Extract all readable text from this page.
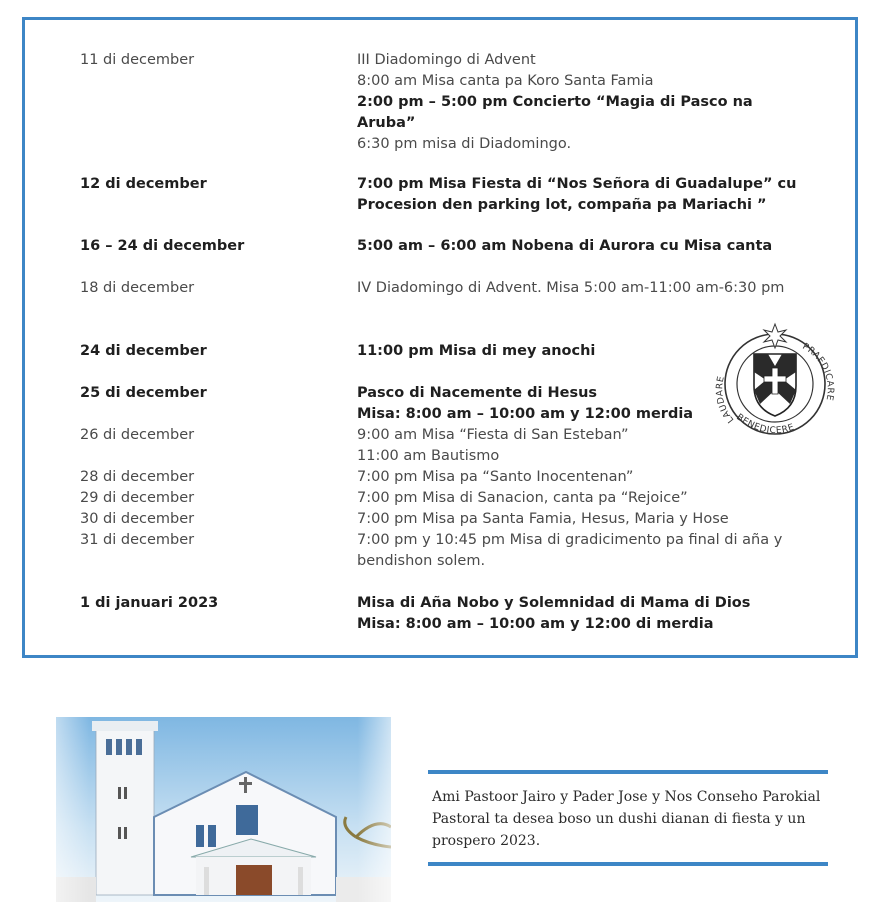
11 di december	III Diadomingo di Advent
8:00 am Misa canta pa Koro Santa Famia
2:00 pm – 5:00 pm Concierto “Magia di Pasco na Aruba”
6:30 pm misa di Diadomingo.
12 di december	7:00 pm Misa Fiesta di “Nos Señora di Guadalupe” cu Procesion den parking lot, compaña pa Mariachi ”
16 – 24 di december	5:00 am – 6:00 am Nobena di Aurora cu Misa canta
18 di december	IV Diadomingo di Advent. Misa 5:00 am-11:00 am-6:30 pm
24 di december	11:00 pm Misa di mey anochi
25 di december	Pasco di Nacemente di Hesus
Misa: 8:00 am – 10:00 am y 12:00 merdia
26 di december	9:00 am Misa “Fiesta di San Esteban”
11:00 am Bautismo
28 di december	7:00 pm Misa pa “Santo Inocentenan”
29 di december	7:00 pm Misa di Sanacion, canta pa “Rejoice”
30 di december	7:00 pm Misa pa Santa Famia, Hesus, Maria y Hose
31 di december	7:00 pm y 10:45 pm Misa di gradicimento pa final di aña y bendishon solem.
1 di januari 2023	Misa di Aña Nobo y Solemnidad di Mama di Dios
Misa: 8:00 am – 10:00 am y 12:00 di merdia
LAUDARE
PRAEDICARE
BENEDICERE
Ami Pastoor Jairo y Pader Jose y Nos Conseho Parokial Pastoral ta desea boso un dushi dianan di fiesta y un prospero 2023.
